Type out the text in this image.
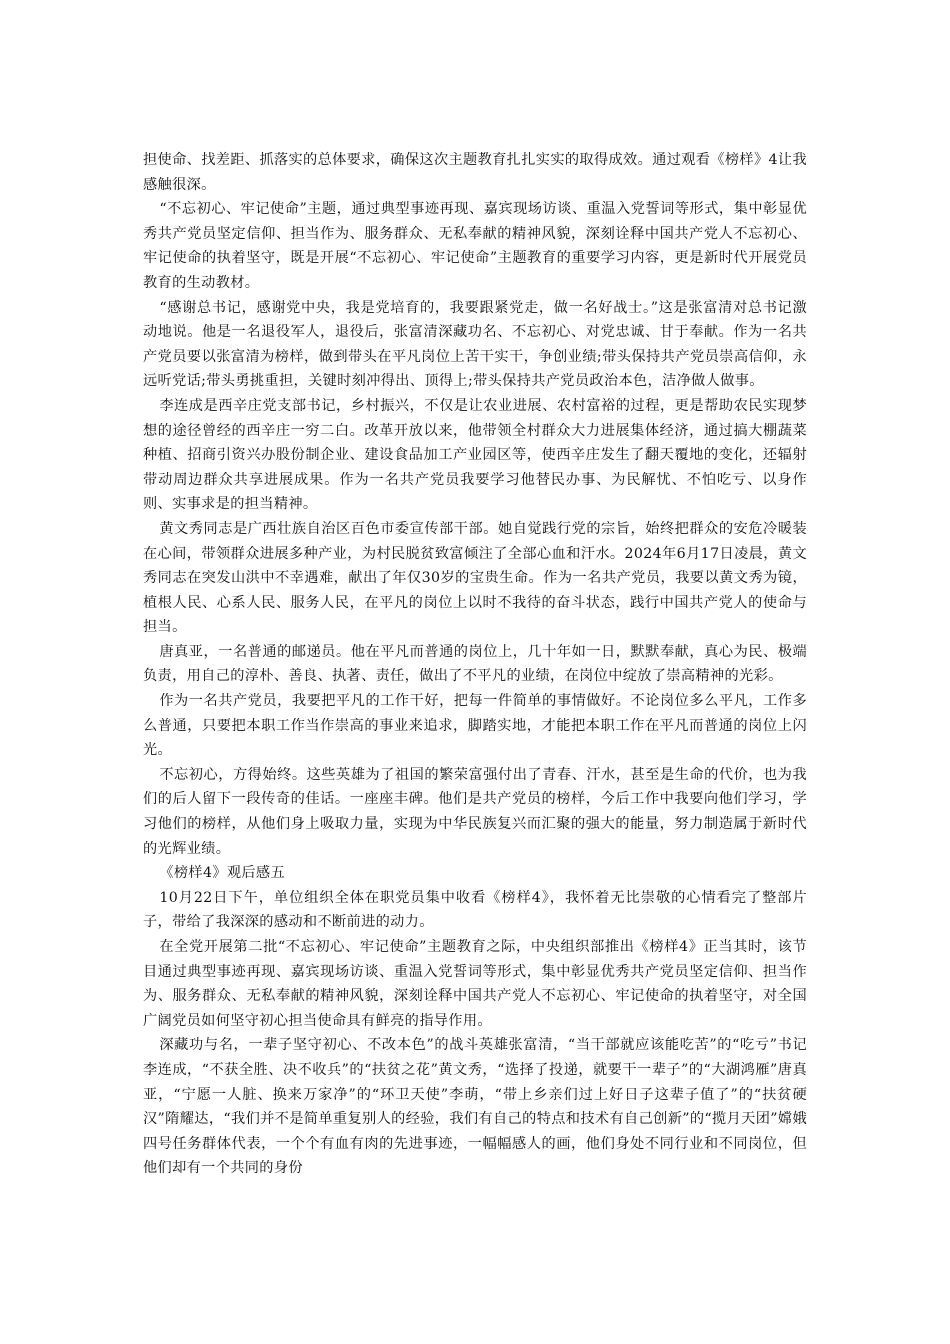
担使命、找差距、抓落实的总体要求，确保这次主题教育扎扎实实的取得成效。通过观看《榜样》4让我感触很深。

“不忘初心、牢记使命”主题，通过典型事迹再现、嘉宾现场访谈、重温入党誓词等形式，集中彰显优秀共产党员坚定信仰、担当作为、服务群众、无私奉献的精神风貌，深刻诠释中国共产党人不忘初心、牢记使命的执着坚守，既是开展“不忘初心、牢记使命”主题教育的重要学习内容，更是新时代开展党员教育的生动教材。

“感谢总书记，感谢党中央，我是党培育的，我要跟紧党走，做一名好战士。”这是张富清对总书记激动地说。他是一名退役军人，退役后，张富清深藏功名、不忘初心、对党忠诚、甘于奉献。作为一名共产党员要以张富清为榜样，做到带头在平凡岗位上苦干实干，争创业绩;带头保持共产党员崇高信仰，永远听党话;带头勇挑重担，关键时刻冲得出、顶得上;带头保持共产党员政治本色，洁净做人做事。

李连成是西辛庄党支部书记，乡村振兴，不仅是让农业进展、农村富裕的过程，更是帮助农民实现梦想的途径曾经的西辛庄一穷二白。改革开放以来，他带领全村群众大力进展集体经济，通过搞大棚蔬菜种植、招商引资兴办股份制企业、建设食品加工产业园区等，使西辛庄发生了翻天覆地的变化，还辐射带动周边群众共享进展成果。作为一名共产党员我要学习他替民办事、为民解忧、不怕吃亏、以身作则、实事求是的担当精神。

黄文秀同志是广西壮族自治区百色市委宣传部干部。她自觉践行党的宗旨，始终把群众的安危冷暖装在心间，带领群众进展多种产业，为村民脱贫致富倾注了全部心血和汗水。2024年6月17日凌晨，黄文秀同志在突发山洪中不幸遇难，献出了年仅30岁的宝贵生命。作为一名共产党员，我要以黄文秀为镜，植根人民、心系人民、服务人民，在平凡的岗位上以时不我待的奋斗状态，践行中国共产党人的使命与担当。

唐真亚，一名普通的邮递员。他在平凡而普通的岗位上，几十年如一日，默默奉献，真心为民、极端负责，用自己的淳朴、善良、执著、责任，做出了不平凡的业绩，在岗位中绽放了崇高精神的光彩。

作为一名共产党员，我要把平凡的工作干好，把每一件简单的事情做好。不论岗位多么平凡，工作多么普通，只要把本职工作当作崇高的事业来追求，脚踏实地，才能把本职工作在平凡而普通的岗位上闪光。

不忘初心，方得始终。这些英雄为了祖国的繁荣富强付出了青春、汗水，甚至是生命的代价，也为我们的后人留下一段传奇的佳话。一座座丰碑。他们是共产党员的榜样，今后工作中我要向他们学习，学习他们的榜样，从他们身上吸取力量，实现为中华民族复兴而汇聚的强大的能量，努力制造属于新时代的光辉业绩。

《榜样4》观后感五

10月22日下午，单位组织全体在职党员集中收看《榜样4》，我怀着无比崇敬的心情看完了整部片子，带给了我深深的感动和不断前进的动力。

在全党开展第二批“不忘初心、牢记使命”主题教育之际，中央组织部推出《榜样4》正当其时，该节目通过典型事迹再现、嘉宾现场访谈、重温入党誓词等形式，集中彰显优秀共产党员坚定信仰、担当作为、服务群众、无私奉献的精神风貌，深刻诠释中国共产党人不忘初心、牢记使命的执着坚守，对全国广阔党员如何坚守初心担当使命具有鲜亮的指导作用。

深藏功与名，一辈子坚守初心、不改本色”的战斗英雄张富清，“当干部就应该能吃苦”的“吃亏”书记李连成，“不获全胜、决不收兵”的“扶贫之花”黄文秀，“选择了投递，就要干一辈子”的“大湖鸿雁”唐真亚，“宁愿一人脏、换来万家净”的“环卫天使”李萌，“带上乡亲们过上好日子这辈子值了”的“扶贫硬汉”隋耀达，“我们并不是简单重复别人的经验，我们有自己的特点和技术有自己创新”的“揽月天团”嫦娥四号任务群体代表，一个个有血有肉的先进事迹，一幅幅感人的画，他们身处不同行业和不同岗位，但他们却有一个共同的身份
